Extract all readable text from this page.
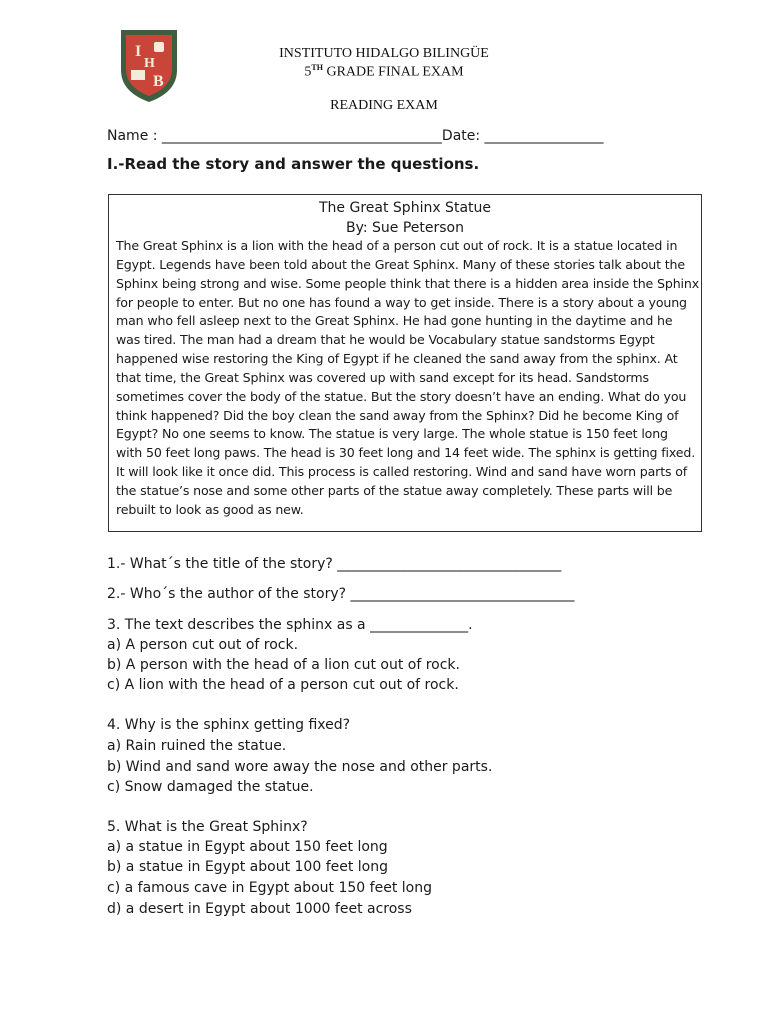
I
H
B
INSTITUTO HIDALGO BILINGÜE
5TH GRADE FINAL EXAM
READING EXAM
Name : ________________________________________Date: _________________
I.-Read the story and answer the questions.
The Great Sphinx Statue
By: Sue Peterson
The Great Sphinx is a lion with the head of a person cut out of rock. It is a statue located in
Egypt. Legends have been told about the Great Sphinx. Many of these stories talk about the
Sphinx being strong and wise. Some people think that there is a hidden area inside the Sphinx
for people to enter. But no one has found a way to get inside. There is a story about a young
man who fell asleep next to the Great Sphinx. He had gone hunting in the daytime and he
was tired. The man had a dream that he would be Vocabulary statue sandstorms Egypt
happened wise restoring the King of Egypt if he cleaned the sand away from the sphinx. At
that time, the Great Sphinx was covered up with sand except for its head. Sandstorms
sometimes cover the body of the statue. But the story doesn’t have an ending. What do you
think happened? Did the boy clean the sand away from the Sphinx? Did he become King of
Egypt? No one seems to know. The statue is very large. The whole statue is 150 feet long
with 50 feet long paws. The head is 30 feet long and 14 feet wide. The sphinx is getting fixed.
It will look like it once did. This process is called restoring. Wind and sand have worn parts of
the statue’s nose and some other parts of the statue away completely. These parts will be
rebuilt to look as good as new.
1.- What´s the title of the story? ________________________________
2.- Who´s the author of the story? ________________________________
3. The text describes the sphinx as a ______________.
a) A person cut out of rock.
b) A person with the head of a lion cut out of rock.
c) A lion with the head of a person cut out of rock.
4. Why is the sphinx getting fixed?
a) Rain ruined the statue.
b) Wind and sand wore away the nose and other parts.
c) Snow damaged the statue.
5. What is the Great Sphinx?
a) a statue in Egypt about 150 feet long
b) a statue in Egypt about 100 feet long
c) a famous cave in Egypt about 150 feet long
d) a desert in Egypt about 1000 feet across
